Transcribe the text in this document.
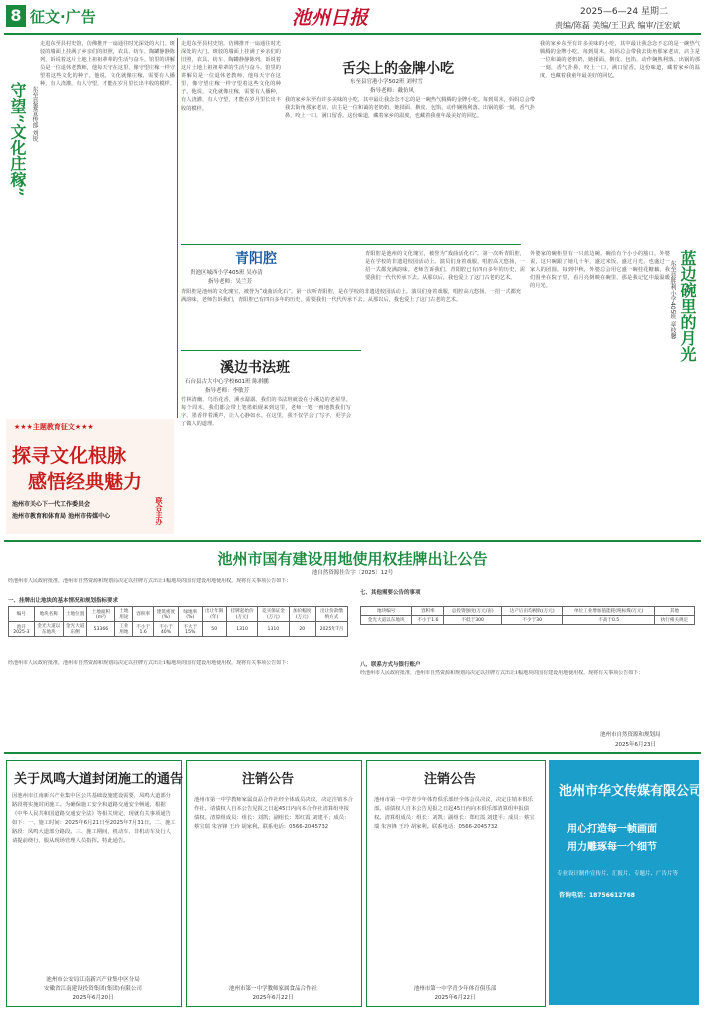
8 征文·广告	池州日报	2025—6—24 星期二
责编/陈磊 美编/王卫武 编审/汪宏斌
守望“文化庄稼” 东至县委宣传部 刘锐
走进东至县村史馆，仿佛推开一扇通往时光深处的大门。斑驳的墙面上挂满了乡亲们的旧照，农具、纺车、陶罐静静陈列，诉说着这片土地上祖祖辈辈的生活与奋斗。馆里的讲解员是一位退休老教师，他每天守在这里，像守望庄稼一样守望着这些文化的种子。他说，文化就像庄稼，需要有人播种，有人浇灌，有人守望，才能在岁月里长出丰收的模样。
走进东至县村史馆，仿佛推开一扇通往时光深处的大门。斑驳的墙面上挂满了乡亲们的旧照，农具、纺车、陶罐静静陈列，诉说着这片土地上祖祖辈辈的生活与奋斗。馆里的讲解员是一位退休老教师，他每天守在这里，像守望庄稼一样守望着这些文化的种子。他说，文化就像庄稼，需要有人播种，有人浇灌，有人守望，才能在岁月里长出丰收的模样。
舌尖上的金牌小吃
东至县官港小学502班 刘村雪
指导老师：戴仿风
我的家乡东至有许多美味的小吃，其中最让我念念不忘的是一碗热气腾腾的金牌小吃。每到周末，妈妈总会带我去街角那家老店，店主是一位和蔼的老奶奶，她揉面、擀皮、包馅，动作娴熟利落。出锅的那一刻，香气扑鼻，咬上一口，满口留香。这份味道，藏着家乡的温度，也藏着我童年最美好的回忆。
我的家乡东至有许多美味的小吃，其中最让我念念不忘的是一碗热气腾腾的金牌小吃。每到周末，妈妈总会带我去街角那家老店，店主是一位和蔼的老奶奶，她揉面、擀皮、包馅，动作娴熟利落。出锅的那一刻，香气扑鼻，咬上一口，满口留香。这份味道，藏着家乡的温度，也藏着我童年最美好的回忆。
青阳腔
贵池区城西小学405班 吴亦清
指导老师：吴兰芳
青阳腔是池州的文化瑰宝，被誉为“戏曲活化石”。第一次听青阳腔，是在学校的非遗进校园活动上。演员们身着戏服，唱腔高亢悠扬，一招一式都充满韵味。老师告诉我们，青阳腔已有四百多年的历史，需要我们一代代传承下去。从那以后，我也爱上了这门古老的艺术。
溪边书法班
石台县古大中心学校601班 陈祺鹏
指导老师：李敏芳
竹林清幽，鸟语花香，溪水潺潺。我们的书法班就设在小溪边的老屋里。每个周末，我们都会带上笔墨纸砚来到这里，老师一笔一画地教我们写字。墨香伴着溪声，让人心静如水。在这里，我不仅学会了写字，更学会了做人的道理。
青阳腔是池州的文化瑰宝，被誉为“戏曲活化石”。第一次听青阳腔，是在学校的非遗进校园活动上。演员们身着戏服，唱腔高亢悠扬，一招一式都充满韵味。老师告诉我们，青阳腔已有四百多年的历史，需要我们一代代传承下去。从那以后，我也爱上了这门古老的艺术。
外婆家的碗柜里有一只蓝边碗，碗沿有个小小的豁口。外婆说，这只碗跟了她几十年，盛过米饭，盛过月光，也盛过一家人的团圆。每到中秋，外婆总会用它盛一碗桂花糖藕，我们围坐在院子里，看月亮倒映在碗里，那是我记忆中最温暖的月光。	蓝边碗里的月光
东至县胜利小学405班 章枝馨
★★★主题教育征文★★★
探寻文化根脉
感悟经典魅力
池州市关心下一代工作委员会
池州市教育和体育局 池州市传媒中心	联合主办
池州市国有建设用地使用权挂牌出让公告
池自然资源挂告字〔2025〕12号
经池州市人民政府批准，池州市自然资源和规划局决定以挂牌方式出让1幅地块的国有建设用地使用权。现将有关事项公告如下：
一、挂牌出让地块的基本情况和规划指标要求
编号	地块名称	土地位置	土地面积(m²)	土地用途	容积率	建筑密度(%)	绿地率(%)	出让年限(年)	挂牌起始价(万元)	竞买保证金(万元)	加价幅度(万元)	出让价款缴纳方式
池开2025-3	金光大道以东地块	金光大道东侧	53366	工业用地	不小于1.6	不小于40%	不大于15%	50	1310	1310	20	2025年7月
经池州市人民政府批准，池州市自然资源和规划局决定以挂牌方式出让1幅地块的国有建设用地使用权。现将有关事项公告如下：
七、其他需要公告的事项
地块编号	容积率	总投资强度(万元/亩)	达产后亩均税收(万元)	单位工业增加值能耗(吨标煤/万元)	其他
金光大道以东地块	不小于1.6	不低于300	不少于30	不高于0.5	执行相关规定
八、联系方式与银行账户
经池州市人民政府批准，池州市自然资源和规划局决定以挂牌方式出让1幅地块的国有建设用地使用权。现将有关事项公告如下：
池州市自然资源和规划局
2025年6月23日
关于凤鸣大道封闭施工的通告
因池州市江南新兴产业集中区公共基础设施建设需要，凤鸣大道部分路段将实施封闭施工。为确保施工安全和道路交通安全畅通，根据《中华人民共和国道路交通安全法》等相关规定，现就有关事项通告如下：一、施工时间：2025年6月21日至2025年7月31日。二、施工路段：凤鸣大道部分路段。三、施工期间，机动车、非机动车及行人请提前绕行，服从现场管理人员指挥。特此通告。
池州市公安局江南新兴产业集中区分局
安徽省江南建设投资集团(集团)有限公司
2025年6月20日
注销公告
池州市第一中学教师家属食品合作社经全体成员决议，决定注销本合作社。请债权人自本公告见报之日起45日内向本合作社清算组申报债权。清算组成员：组长：刘凯；副组长：郑红霞 刘建平；成员：蔡宝瑞 朱容锋 王玲 胡家利。联系电话：0566-2045732
池州市第一中学教师家属食品合作社
2025年6月22日
注销公告
池州市第一中学青少年体育俱乐部经全体会员决议，决定注销本俱乐部。请债权人自本公告见报之日起45日内向本俱乐部清算组申报债权。清算组成员：组长：刘凯；副组长：郑红霞 刘建平；成员：蔡宝瑞 朱容锋 王玲 胡家利。联系电话：0566-2045732
池州市第一中学青少年体育俱乐部
2025年6月22日
池州市华文传媒有限公司
用心打造每一帧画面
用力雕琢每一个细节
专业设计制作宣传片、汇报片、专题片、广告片等
咨询电话：18756612768
